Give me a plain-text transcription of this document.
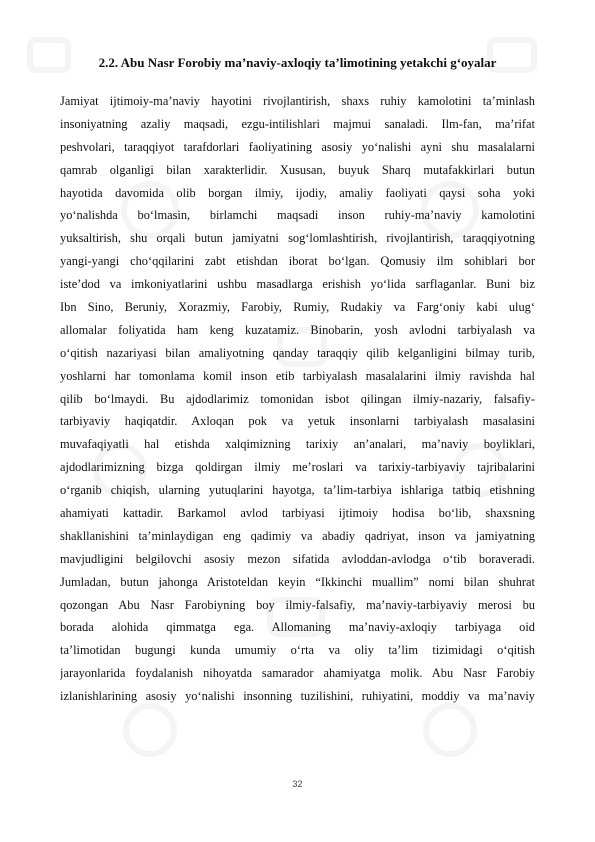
2.2. Abu Nasr Forobiy ma’naviy-axloqiy ta’limotining yetakchi g‘oyalar
Jamiyat ijtimoiy-ma’naviy hayotini rivojlantirish, shaxs ruhiy kamolotini ta’minlash
insoniyatning azaliy maqsadi, ezgu-intilishlari majmui sanaladi. Ilm-fan, ma’rifat
peshvolari, taraqqiyot tarafdorlari faoliyatining asosiy yo‘nalishi ayni shu masalalarni
qamrab olganligi bilan xarakterlidir. Xususan, buyuk Sharq mutafakkirlari butun
hayotida davomida olib borgan ilmiy, ijodiy, amaliy faoliyati qaysi soha yoki
yo‘nalishda bo‘lmasin, birlamchi maqsadi inson ruhiy-ma’naviy kamolotini
yuksaltirish, shu orqali butun jamiyatni sog‘lomlashtirish, rivojlantirish, taraqqiyotning
yangi-yangi cho‘qqilarini zabt etishdan iborat bo‘lgan. Qomusiy ilm sohiblari bor
iste’dod va imkoniyatlarini ushbu masadlarga erishish yo‘lida sarflaganlar. Buni biz
Ibn Sino, Beruniy, Xorazmiy, Farobiy, Rumiy, Rudakiy va Farg‘oniy kabi ulug‘
allomalar foliyatida ham keng kuzatamiz. Binobarin, yosh avlodni tarbiyalash va
o‘qitish nazariyasi bilan amaliyotning qanday taraqqiy qilib kelganligini bilmay turib,
yoshlarni har tomonlama komil inson etib tarbiyalash masalalarini ilmiy ravishda hal
qilib bo‘lmaydi. Bu ajdodlarimiz tomonidan isbot qilingan ilmiy-nazariy, falsafiy-
tarbiyaviy haqiqatdir. Axloqan pok va yetuk insonlarni tarbiyalash masalasini
muvafaqiyatli hal etishda xalqimizning tarixiy an’analari, ma’naviy boyliklari,
ajdodlarimizning bizga qoldirgan ilmiy me’roslari va tarixiy-tarbiyaviy tajribalarini
o‘rganib chiqish, ularning yutuqlarini hayotga, ta’lim-tarbiya ishlariga tatbiq etishning
ahamiyati kattadir. Barkamol avlod tarbiyasi ijtimoiy hodisa bo‘lib, shaxsning
shakllanishini ta’minlaydigan eng qadimiy va abadiy qadriyat, inson va jamiyatning
mavjudligini belgilovchi asosiy mezon sifatida avloddan-avlodga o‘tib boraveradi.
Jumladan, butun jahonga Aristoteldan keyin “Ikkinchi muallim” nomi bilan shuhrat
qozongan Abu Nasr Farobiyning boy ilmiy-falsafiy, ma’naviy-tarbiyaviy merosi bu
borada alohida qimmatga ega. Allomaning ma’naviy-axloqiy tarbiyaga oid
ta’limotidan bugungi kunda umumiy o‘rta va oliy ta’lim tizimidagi o‘qitish
jarayonlarida foydalanish nihoyatda samarador ahamiyatga molik. Abu Nasr Farobiy
izlanishlarining asosiy yo‘nalishi insonning tuzilishini, ruhiyatini, moddiy va ma’naviy
32
